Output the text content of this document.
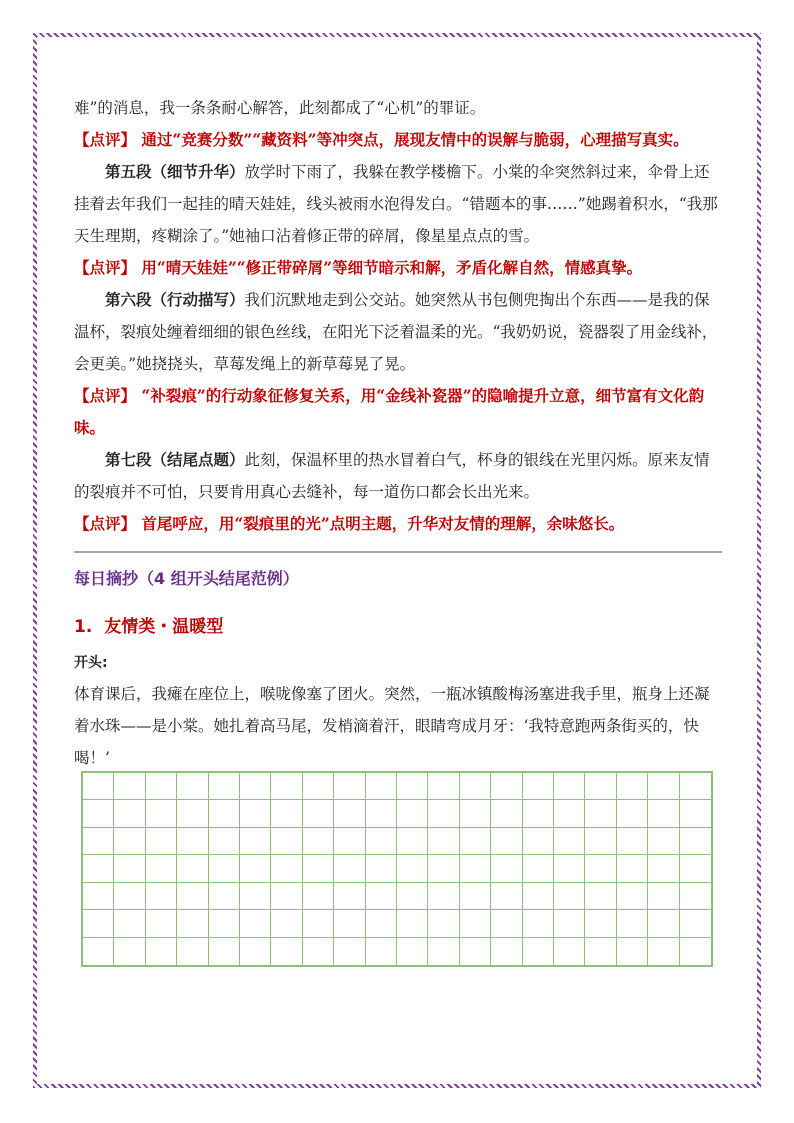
难”的消息，我一条条耐心解答，此刻都成了“心机”的罪证。

【点评】 通过“竞赛分数”“藏资料”等冲突点，展现友情中的误解与脆弱，心理描写真实。

第五段（细节升华）放学时下雨了，我躲在教学楼檐下。小棠的伞突然斜过来，伞骨上还挂着去年我们一起挂的晴天娃娃，线头被雨水泡得发白。“错题本的事……”她踢着积水，“我那天生理期，疼糊涂了。”她袖口沾着修正带的碎屑，像星星点点的雪。

【点评】 用“晴天娃娃”“修正带碎屑”等细节暗示和解，矛盾化解自然，情感真挚。

第六段（行动描写）我们沉默地走到公交站。她突然从书包侧兜掏出个东西——是我的保温杯，裂痕处缠着细细的银色丝线，在阳光下泛着温柔的光。“我奶奶说，瓷器裂了用金线补，会更美。”她挠挠头，草莓发绳上的新草莓晃了晃。

【点评】 “补裂痕”的行动象征修复关系，用“金线补瓷器”的隐喻提升立意，细节富有文化韵味。

第七段（结尾点题）此刻，保温杯里的热水冒着白气，杯身的银线在光里闪烁。原来友情的裂痕并不可怕，只要肯用真心去缝补，每一道伤口都会长出光来。

【点评】 首尾呼应，用“裂痕里的光”点明主题，升华对友情的理解，余味悠长。

每日摘抄（4 组开头结尾范例）
1. 友情类・温暖型
开头:

体育课后，我瘫在座位上，喉咙像塞了团火。突然，一瓶冰镇酸梅汤塞进我手里，瓶身上还凝着水珠——是小棠。她扎着高马尾，发梢滴着汗，眼睛弯成月牙：‘我特意跑两条街买的，快喝！’
